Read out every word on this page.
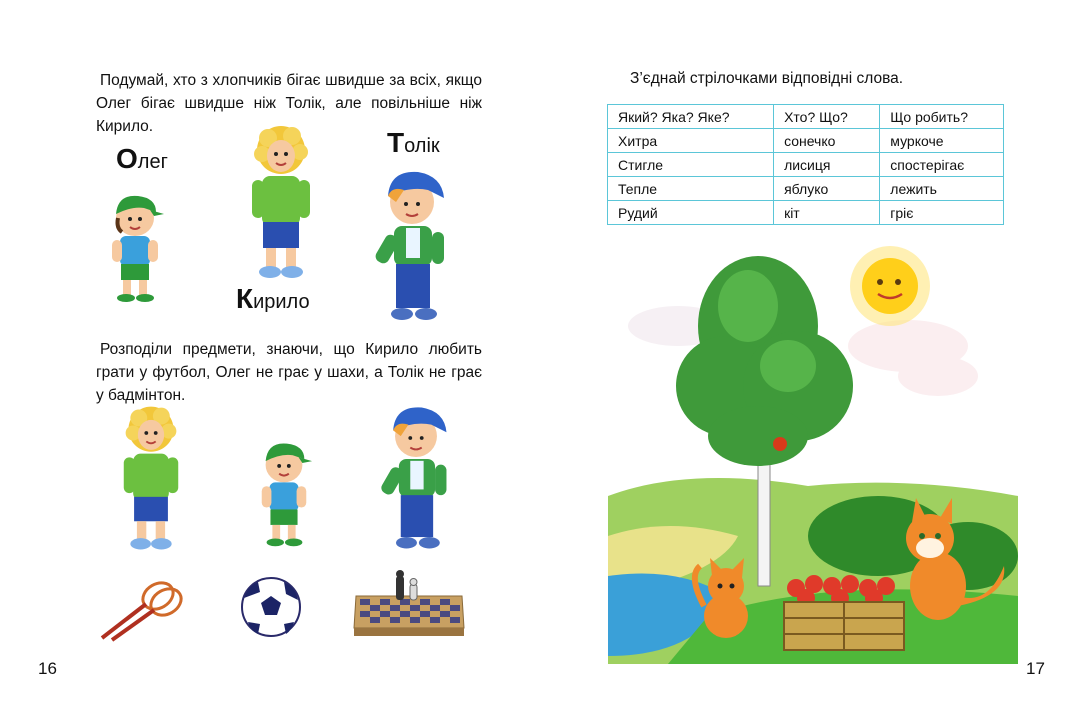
Подумай, хто з хлопчиків бігає швидше за всіх, якщо Олег бігає швидше ніж Толік, але повільніше ніж Кирило.
Олег
Толік
Кирило
Розподіли предмети, знаючи, що Кирило любить грати у футбол, Олег не грає у шахи, а Толік не грає у бадмінтон.
16
З’єднай стрілочками відповідні слова.
Який? Яка? Яке?	Хто? Що?	Що робить?
Хитра	сонечко	муркоче
Стигле	лисиця	спостерігає
Тепле	яблуко	лежить
Рудий	кіт	гріє
17
